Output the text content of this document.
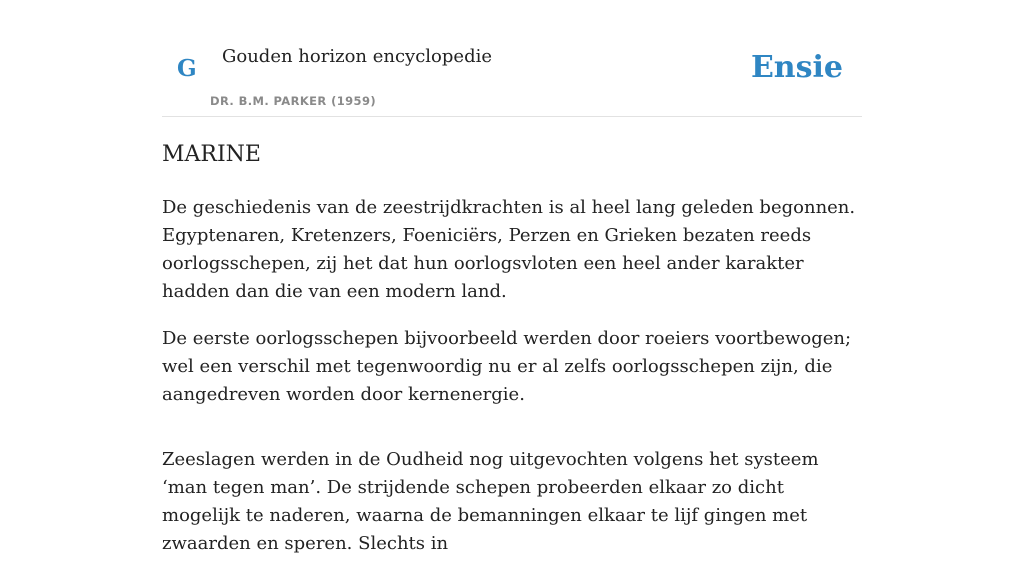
G Gouden horizon encyclopedie
DR. B.M. PARKER (1959)
Ensie
MARINE

De geschiedenis van de zeestrijdkrachten is al heel lang geleden begonnen. Egyptenaren, Kretenzers, Foeniciërs, Perzen en Grieken bezaten reeds oorlogsschepen, zij het dat hun oorlogsvloten een heel ander karakter hadden dan die van een modern land.

De eerste oorlogsschepen bijvoorbeeld werden door roeiers voortbewogen; wel een verschil met tegenwoordig nu er al zelfs oorlogsschepen zijn, die aangedreven worden door kernenergie.

Zeeslagen werden in de Oudheid nog uitgevochten volgens het systeem ‘man tegen man’. De strijdende schepen probeerden elkaar zo dicht mogelijk te naderen, waarna de bemanningen elkaar te lijf gingen met zwaarden en speren. Slechts in
